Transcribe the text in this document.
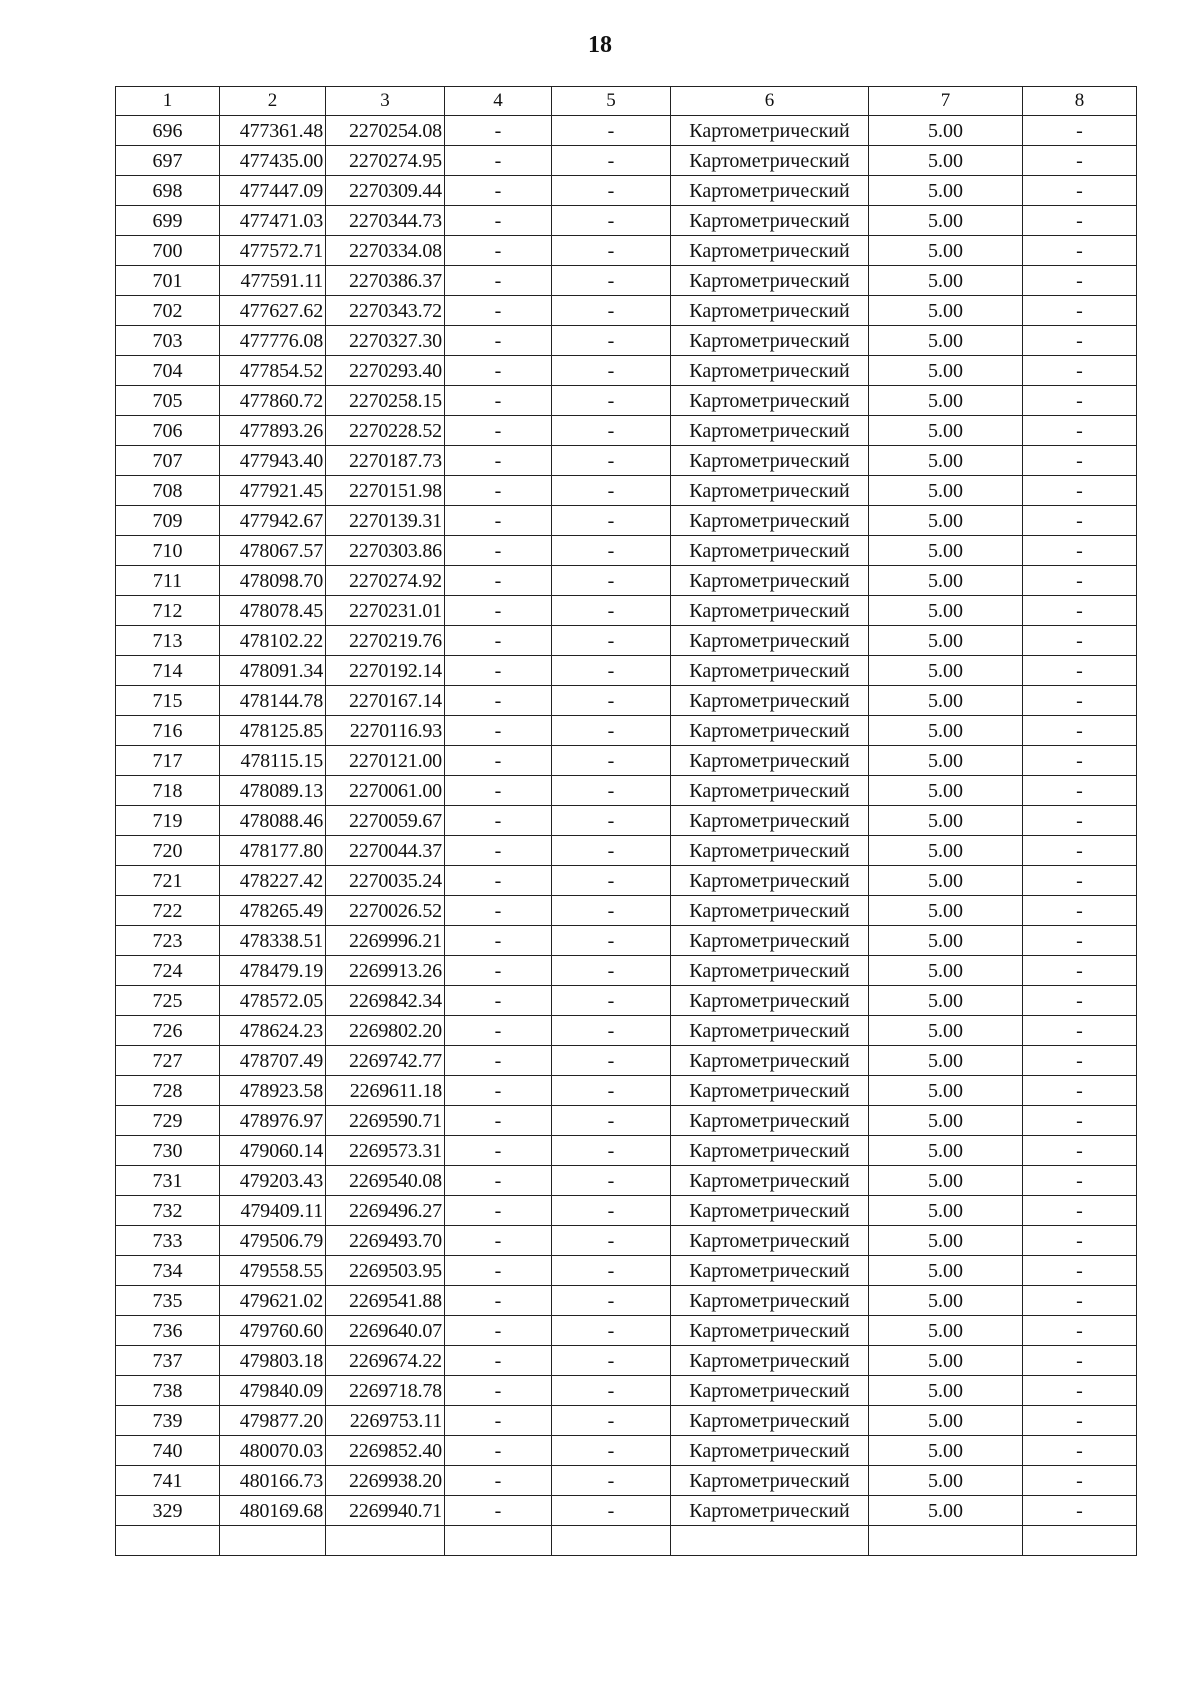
18
1	2	3	4	5	6	7	8
696	477361.48	2270254.08	-	-	Картометрический	5.00	-
697	477435.00	2270274.95	-	-	Картометрический	5.00	-
698	477447.09	2270309.44	-	-	Картометрический	5.00	-
699	477471.03	2270344.73	-	-	Картометрический	5.00	-
700	477572.71	2270334.08	-	-	Картометрический	5.00	-
701	477591.11	2270386.37	-	-	Картометрический	5.00	-
702	477627.62	2270343.72	-	-	Картометрический	5.00	-
703	477776.08	2270327.30	-	-	Картометрический	5.00	-
704	477854.52	2270293.40	-	-	Картометрический	5.00	-
705	477860.72	2270258.15	-	-	Картометрический	5.00	-
706	477893.26	2270228.52	-	-	Картометрический	5.00	-
707	477943.40	2270187.73	-	-	Картометрический	5.00	-
708	477921.45	2270151.98	-	-	Картометрический	5.00	-
709	477942.67	2270139.31	-	-	Картометрический	5.00	-
710	478067.57	2270303.86	-	-	Картометрический	5.00	-
711	478098.70	2270274.92	-	-	Картометрический	5.00	-
712	478078.45	2270231.01	-	-	Картометрический	5.00	-
713	478102.22	2270219.76	-	-	Картометрический	5.00	-
714	478091.34	2270192.14	-	-	Картометрический	5.00	-
715	478144.78	2270167.14	-	-	Картометрический	5.00	-
716	478125.85	2270116.93	-	-	Картометрический	5.00	-
717	478115.15	2270121.00	-	-	Картометрический	5.00	-
718	478089.13	2270061.00	-	-	Картометрический	5.00	-
719	478088.46	2270059.67	-	-	Картометрический	5.00	-
720	478177.80	2270044.37	-	-	Картометрический	5.00	-
721	478227.42	2270035.24	-	-	Картометрический	5.00	-
722	478265.49	2270026.52	-	-	Картометрический	5.00	-
723	478338.51	2269996.21	-	-	Картометрический	5.00	-
724	478479.19	2269913.26	-	-	Картометрический	5.00	-
725	478572.05	2269842.34	-	-	Картометрический	5.00	-
726	478624.23	2269802.20	-	-	Картометрический	5.00	-
727	478707.49	2269742.77	-	-	Картометрический	5.00	-
728	478923.58	2269611.18	-	-	Картометрический	5.00	-
729	478976.97	2269590.71	-	-	Картометрический	5.00	-
730	479060.14	2269573.31	-	-	Картометрический	5.00	-
731	479203.43	2269540.08	-	-	Картометрический	5.00	-
732	479409.11	2269496.27	-	-	Картометрический	5.00	-
733	479506.79	2269493.70	-	-	Картометрический	5.00	-
734	479558.55	2269503.95	-	-	Картометрический	5.00	-
735	479621.02	2269541.88	-	-	Картометрический	5.00	-
736	479760.60	2269640.07	-	-	Картометрический	5.00	-
737	479803.18	2269674.22	-	-	Картометрический	5.00	-
738	479840.09	2269718.78	-	-	Картометрический	5.00	-
739	479877.20	2269753.11	-	-	Картометрический	5.00	-
740	480070.03	2269852.40	-	-	Картометрический	5.00	-
741	480166.73	2269938.20	-	-	Картометрический	5.00	-
329	480169.68	2269940.71	-	-	Картометрический	5.00	-
